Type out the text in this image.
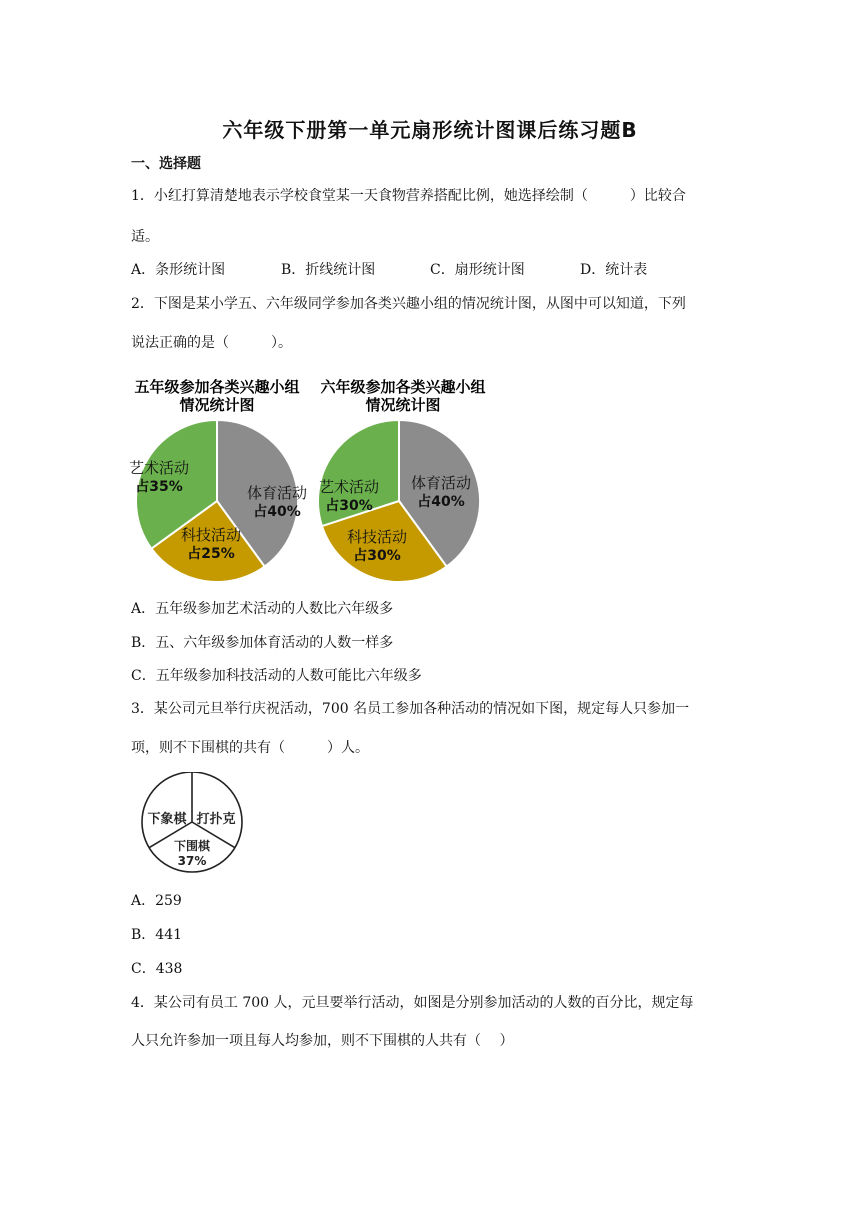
六年级下册第一单元扇形统计图课后练习题B
一、选择题
1．小红打算清楚地表示学校食堂某一天食物营养搭配比例，她选择绘制（　　　）比较合
适。
A．条形统计图	B．折线统计图	C．扇形统计图	D．统计表
2．下图是某小学五、六年级同学参加各类兴趣小组的情况统计图，从图中可以知道，下列
说法正确的是（　　　）。
五年级参加各类兴趣小组
情况统计图
体育活动
占40%
科技活动
占25%
艺术活动
占35%
六年级参加各类兴趣小组
情况统计图
体育活动
占40%
科技活动
占30%
艺术活动
占30%
A．五年级参加艺术活动的人数比六年级多
B．五、六年级参加体育活动的人数一样多
C．五年级参加科技活动的人数可能比六年级多
3．某公司元旦举行庆祝活动，700 名员工参加各种活动的情况如下图，规定每人只参加一
项，则不下围棋的共有（　　　）人。
下象棋 打扑克
下围棋
37%
A．259
B．441
C．438
4．某公司有员工 700 人，元旦要举行活动，如图是分别参加活动的人数的百分比，规定每
人只允许参加一项且每人均参加，则不下围棋的人共有（　 ）
